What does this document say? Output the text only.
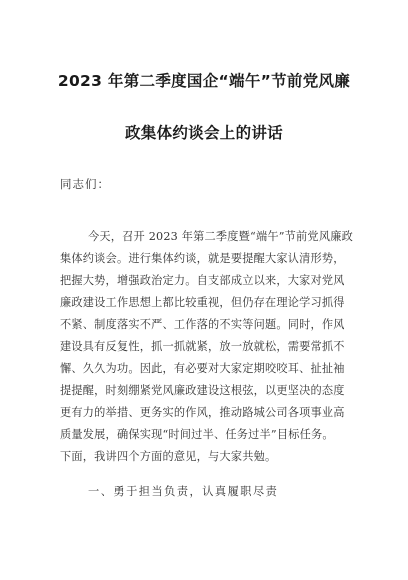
2023 年第二季度国企“端午”节前党风廉
政集体约谈会上的讲话
同志们：
今天，召开 2023 年第二季度暨“端午”节前党风廉政
集体约谈会。进行集体约谈，就是要提醒大家认清形势，
把握大势，增强政治定力。自支部成立以来，大家对党风
廉政建设工作思想上都比较重视，但仍存在理论学习抓得
不紧、制度落实不严、工作落的不实等问题。同时，作风
建设具有反复性，抓一抓就紧，放一放就松，需要常抓不
懈、久久为功。因此，有必要对大家定期咬咬耳、扯扯袖
提提醒，时刻绷紧党风廉政建设这根弦，以更坚决的态度
更有力的举措、更务实的作风，推动路城公司各项事业高
质量发展，确保实现“时间过半、任务过半”目标任务。
下面，我讲四个方面的意见，与大家共勉。
一、勇于担当负责，认真履职尽责
